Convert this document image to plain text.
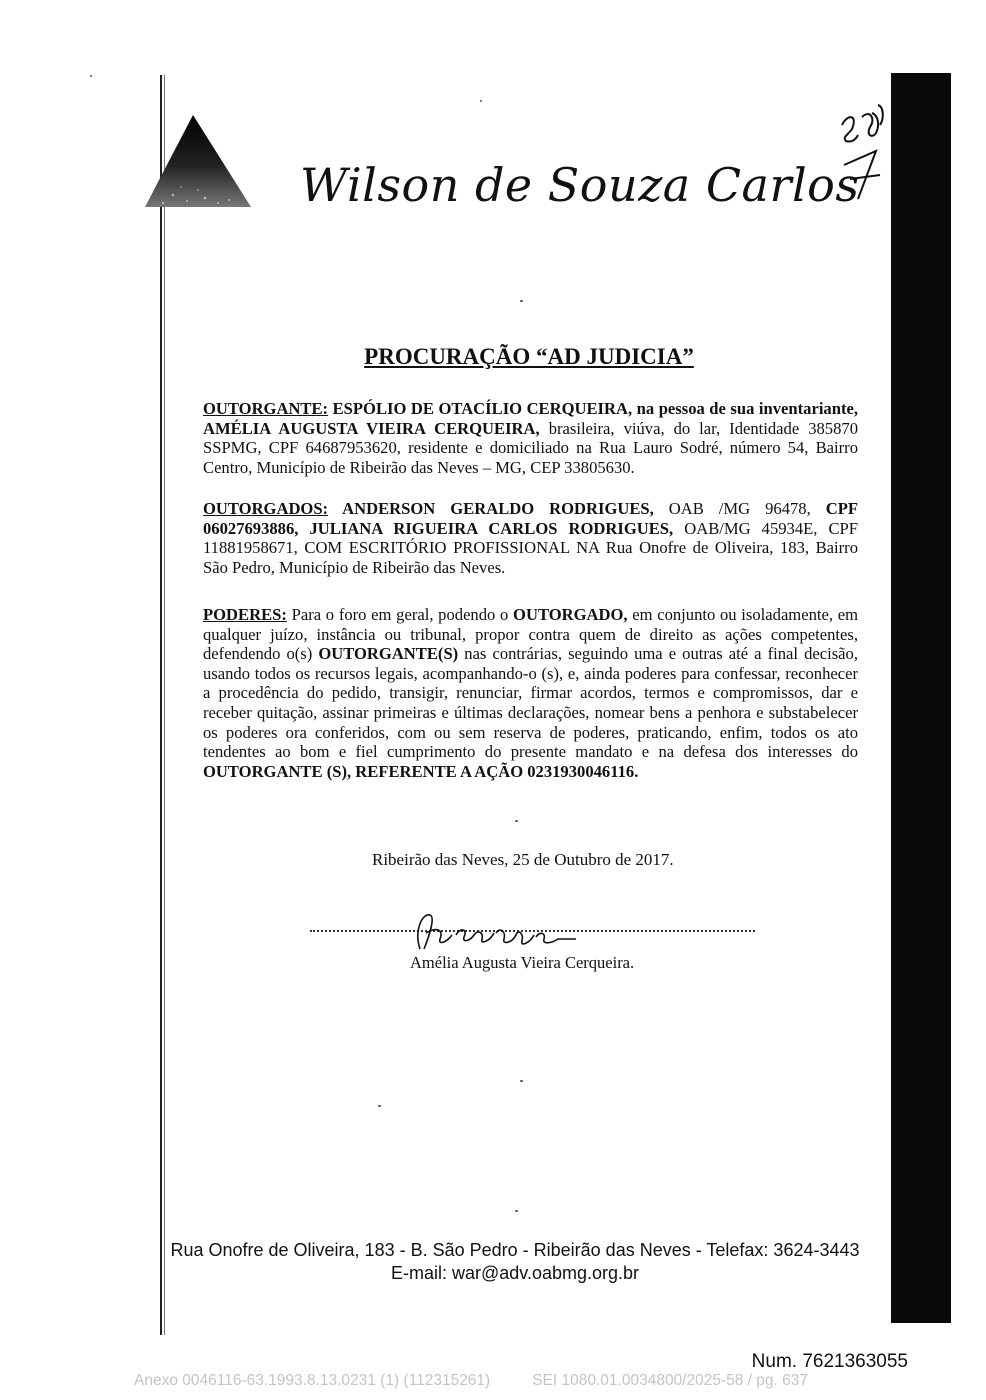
Wilson de Souza Carlos
PROCURAÇÃO “AD JUDICIA”
OUTORGANTE: ESPÓLIO DE OTACÍLIO CERQUEIRA, na pessoa de sua inventariante, AMÉLIA AUGUSTA VIEIRA CERQUEIRA, brasileira, viúva, do lar, Identidade 385870 SSPMG, CPF 64687953620, residente e domiciliado na Rua Lauro Sodré, número 54, Bairro Centro, Município de Ribeirão das Neves – MG, CEP 33805630.
OUTORGADOS: ANDERSON GERALDO RODRIGUES, OAB /MG 96478, CPF 06027693886, JULIANA RIGUEIRA CARLOS RODRIGUES, OAB/MG 45934E, CPF 11881958671, COM ESCRITÓRIO PROFISSIONAL NA Rua Onofre de Oliveira, 183, Bairro São Pedro, Município de Ribeirão das Neves.
PODERES: Para o foro em geral, podendo o OUTORGADO, em conjunto ou isoladamente, em qualquer juízo, instância ou tribunal, propor contra quem de direito as ações competentes, defendendo o(s) OUTORGANTE(S) nas contrárias, seguindo uma e outras até a final decisão, usando todos os recursos legais, acompanhando-o (s), e, ainda poderes para confessar, reconhecer a procedência do pedido, transigir, renunciar, firmar acordos, termos e compromissos, dar e receber quitação, assinar primeiras e últimas declarações, nomear bens a penhora e substabelecer os poderes ora conferidos, com ou sem reserva de poderes, praticando, enfim, todos os ato tendentes ao bom e fiel cumprimento do presente mandato e na defesa dos interesses do OUTORGANTE (S), REFERENTE A AÇÃO 0231930046116.
Ribeirão das Neves, 25 de Outubro de 2017.
Amélia Augusta Vieira Cerqueira.
Rua Onofre de Oliveira, 183 - B. São Pedro - Ribeirão das Neves - Telefax: 3624-3443
E-mail: war@adv.oabmg.org.br
Num. 7621363055
Anexo 0046116-63.1993.8.13.0231 (1) (112315261)	SEI 1080.01.0034800/2025-58 / pg. 637
